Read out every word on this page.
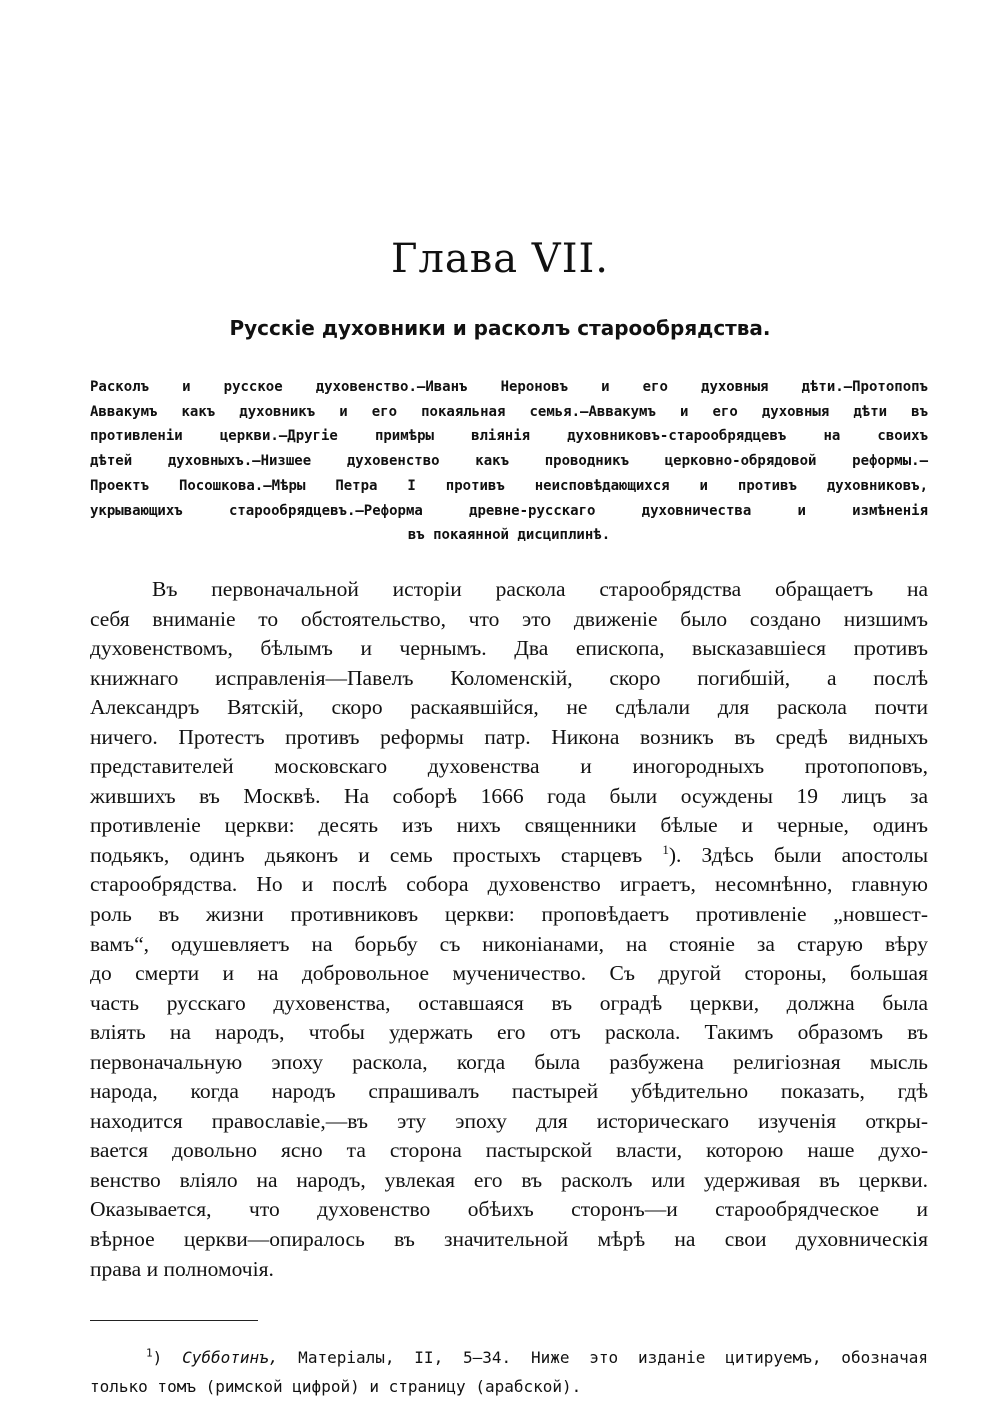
Глава VII.
Русскіе духовники и расколъ старообрядства.
Расколъ и русское духовенство.—Иванъ Нероновъ и его духовныя дѣти.—Протопопъ
Аввакумъ какъ духовникъ и его покаяльная семья.—Аввакумъ и его духовныя дѣти въ
противленіи церкви.—Другіе примѣры вліянія духовниковъ-старообрядцевъ на своихъ
дѣтей духовныхъ.—Низшее духовенство какъ проводникъ церковно-обрядовой реформы.—
Проектъ Посошкова.—Мѣры Петра I противъ неисповѣдающихся и противъ духовниковъ,
укрывающихъ старообрядцевъ.—Реформа древне-русскаго духовничества и измѣненія
въ покаянной дисциплинѣ.
Въ первоначальной исторіи раскола старообрядства обращаетъ на
себя вниманіе то обстоятельство, что это движеніе было создано низшимъ
духовенствомъ, бѣлымъ и чернымъ. Два епископа, высказавшіеся противъ
книжнаго исправленія—Павелъ Коломенскій, скоро погибшій, а послѣ
Александръ Вятскій, скоро раскаявшійся, не сдѣлали для раскола почти
ничего. Протестъ противъ реформы патр. Никона возникъ въ средѣ видныхъ
представителей московскаго духовенства и иногородныхъ протопоповъ,
жившихъ въ Москвѣ. На соборѣ 1666 года были осуждены 19 лицъ за
противленіе церкви: десять изъ нихъ священники бѣлые и черные, одинъ
подьякъ, одинъ дьяконъ и семь простыхъ старцевъ $^1$). Здѣсь были апостолы
старообрядства. Но и послѣ собора духовенство играетъ, несомнѣнно, главную
роль въ жизни противниковъ церкви: проповѣдаетъ противленіе „новшест-
вамъ“, одушевляетъ на борьбу съ никоніанами, на стояніе за старую вѣру
до смерти и на добровольное мученичество. Съ другой стороны, большая
часть русскаго духовенства, оставшаяся въ оградѣ церкви, должна была
вліять на народъ, чтобы удержать его отъ раскола. Такимъ образомъ въ
первоначальную эпоху раскола, когда была разбужена религіозная мысль
народа, когда народъ спрашивалъ пастырей убѣдительно показать, гдѣ
находится православіе,—въ эту эпоху для историческаго изученія откры-
вается довольно ясно та сторона пастырской власти, которою наше духо-
венство вліяло на народъ, увлекая его въ расколъ или удерживая въ церкви.
Оказывается, что духовенство обѣихъ сторонъ—и старообрядческое и
вѣрное церкви—опиралось въ значительной мѣрѣ на свои духовническія
права и полномочія.
$^1$) Субботинъ, Матеріалы, II, 5—34. Ниже это изданіе цитируемъ, обозначая
только томъ (римской цифрой) и страницу (арабской).
